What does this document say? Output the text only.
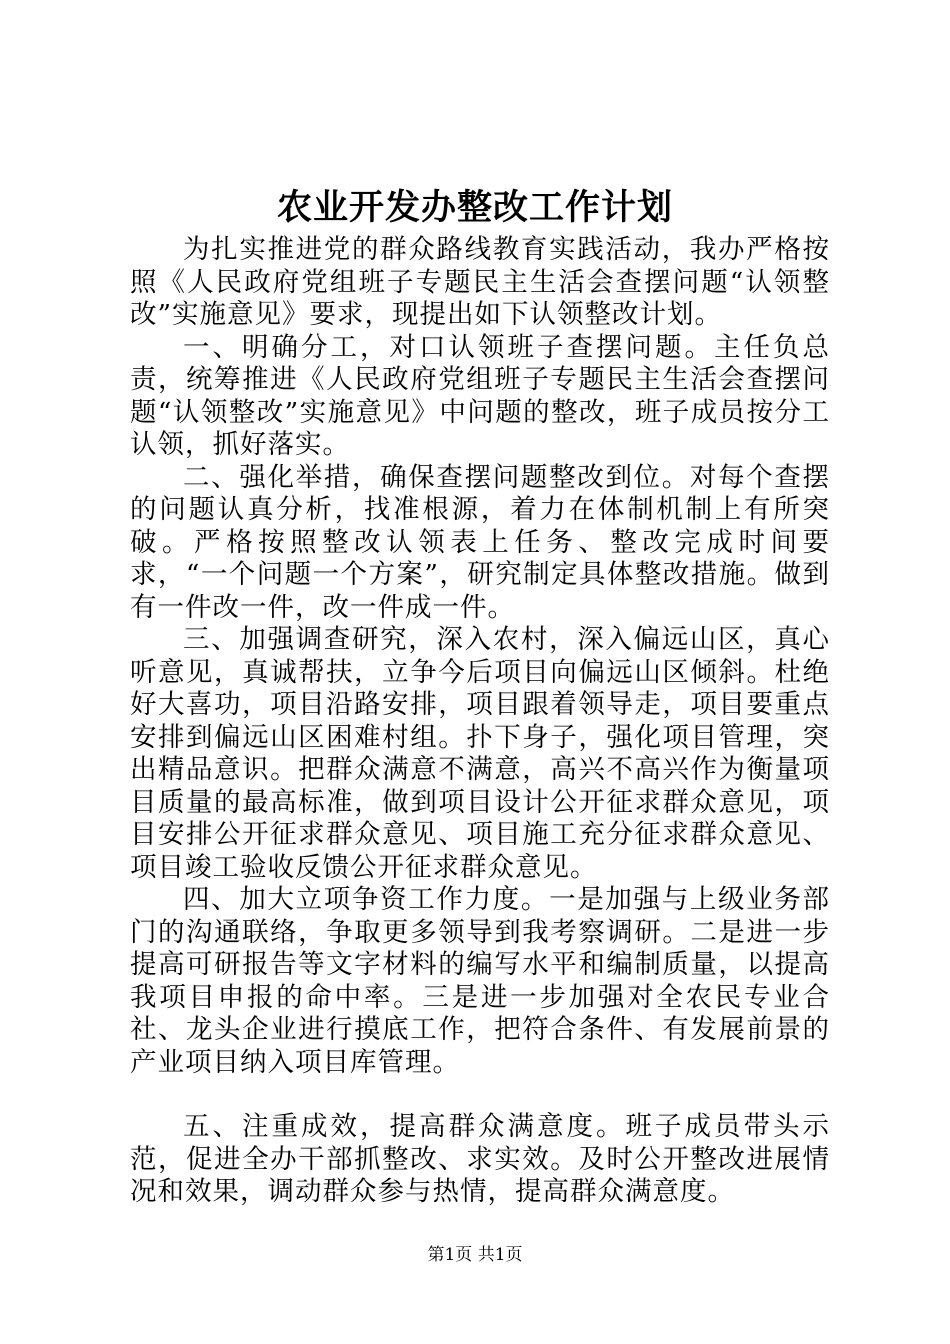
农业开发办整改工作计划

为扎实推进党的群众路线教育实践活动，我办严格按照《人民政府党组班子专题民主生活会查摆问题“认领整改”实施意见》要求，现提出如下认领整改计划。

一、明确分工，对口认领班子查摆问题。主任负总责，统筹推进《人民政府党组班子专题民主生活会查摆问题“认领整改”实施意见》中问题的整改，班子成员按分工认领，抓好落实。

二、强化举措，确保查摆问题整改到位。对每个查摆的问题认真分析，找准根源，着力在体制机制上有所突破。严格按照整改认领表上任务、整改完成时间要求，“一个问题一个方案”，研究制定具体整改措施。做到有一件改一件，改一件成一件。

三、加强调查研究，深入农村，深入偏远山区，真心听意见，真诚帮扶，立争今后项目向偏远山区倾斜。杜绝好大喜功，项目沿路安排，项目跟着领导走，项目要重点安排到偏远山区困难村组。扑下身子，强化项目管理，突出精品意识。把群众满意不满意，高兴不高兴作为衡量项目质量的最高标准，做到项目设计公开征求群众意见，项目安排公开征求群众意见、项目施工充分征求群众意见、项目竣工验收反馈公开征求群众意见。

四、加大立项争资工作力度。一是加强与上级业务部门的沟通联络，争取更多领导到我考察调研。二是进一步提高可研报告等文字材料的编写水平和编制质量，以提高我项目申报的命中率。三是进一步加强对全农民专业合社、龙头企业进行摸底工作，把符合条件、有发展前景的产业项目纳入项目库管理。

五、注重成效，提高群众满意度。班子成员带头示范，促进全办干部抓整改、求实效。及时公开整改进展情况和效果，调动群众参与热情，提高群众满意度。

第1页 共1页
